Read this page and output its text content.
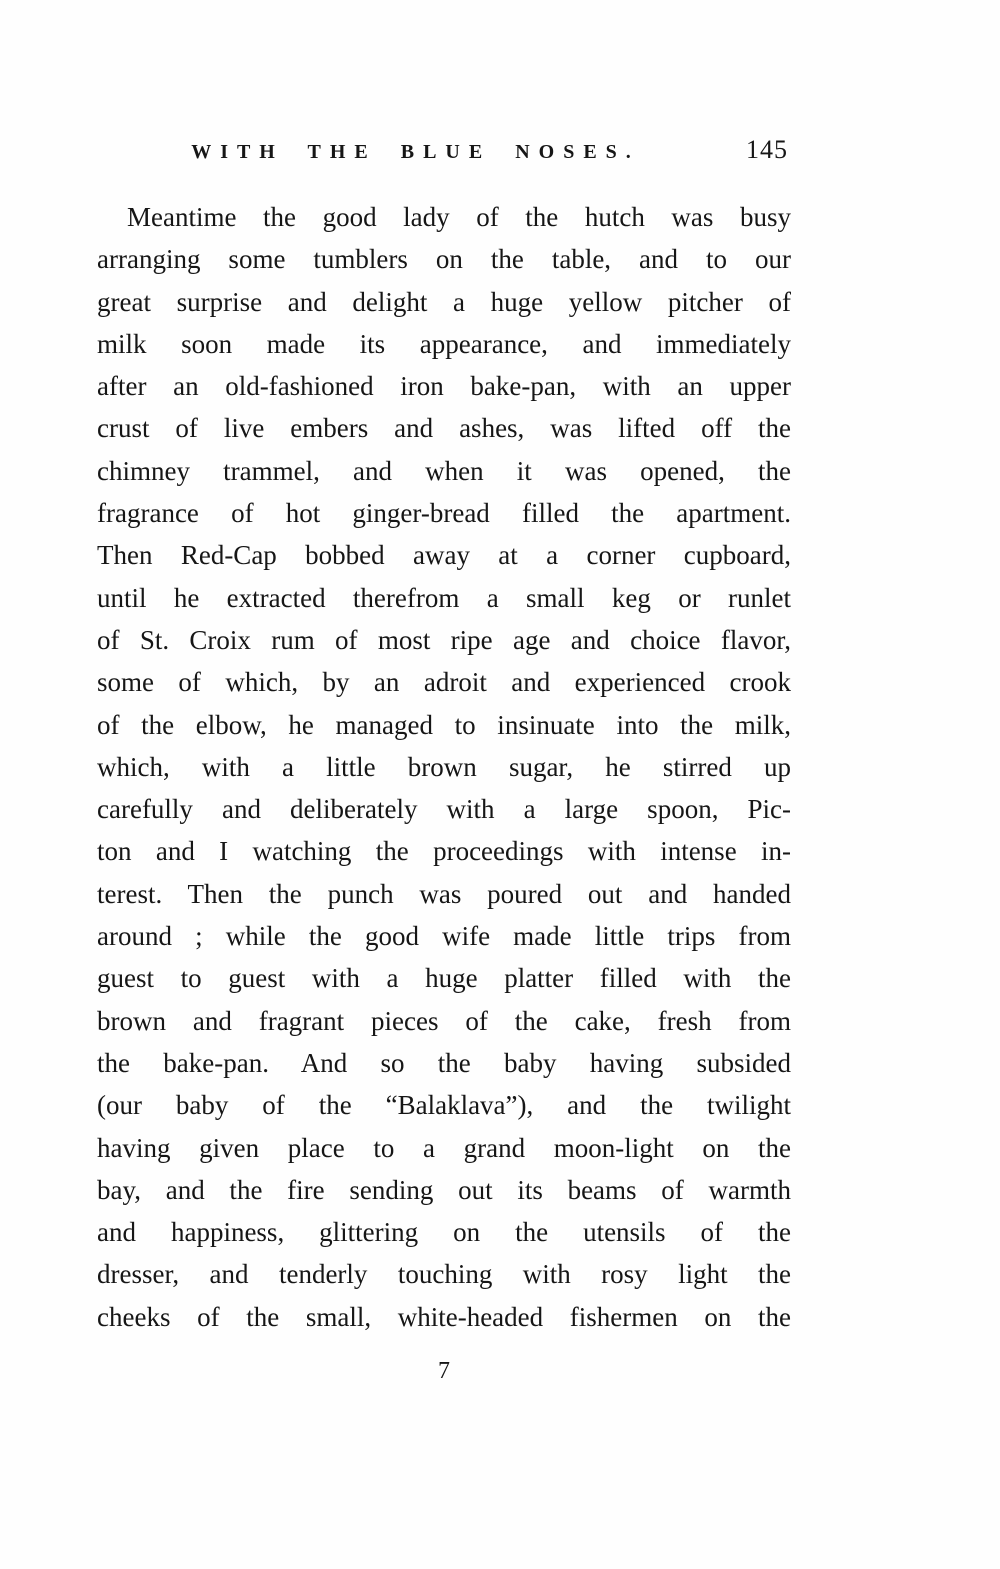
WITH THE BLUE NOSES.	145
Meantime the good lady of the hutch was busy
arranging some tumblers on the table, and to our
great surprise and delight a huge yellow pitcher of
milk soon made its appearance, and immediately
after an old-fashioned iron bake-pan, with an upper
crust of live embers and ashes, was lifted off the
chimney trammel, and when it was opened, the
fragrance of hot ginger-bread filled the apartment.
Then Red-Cap bobbed away at a corner cupboard,
until he extracted therefrom a small keg or runlet
of St. Croix rum of most ripe age and choice flavor,
some of which, by an adroit and experienced crook
of the elbow, he managed to insinuate into the milk,
which, with a little brown sugar, he stirred up
carefully and deliberately with a large spoon, Pic-
ton and I watching the proceedings with intense in-
terest. Then the punch was poured out and handed
around ; while the good wife made little trips from
guest to guest with a huge platter filled with the
brown and fragrant pieces of the cake, fresh from
the bake-pan. And so the baby having subsided
(our baby of the “Balaklava”), and the twilight
having given place to a grand moon-light on the
bay, and the fire sending out its beams of warmth
and happiness, glittering on the utensils of the
dresser, and tenderly touching with rosy light the
cheeks of the small, white-headed fishermen on the
7
